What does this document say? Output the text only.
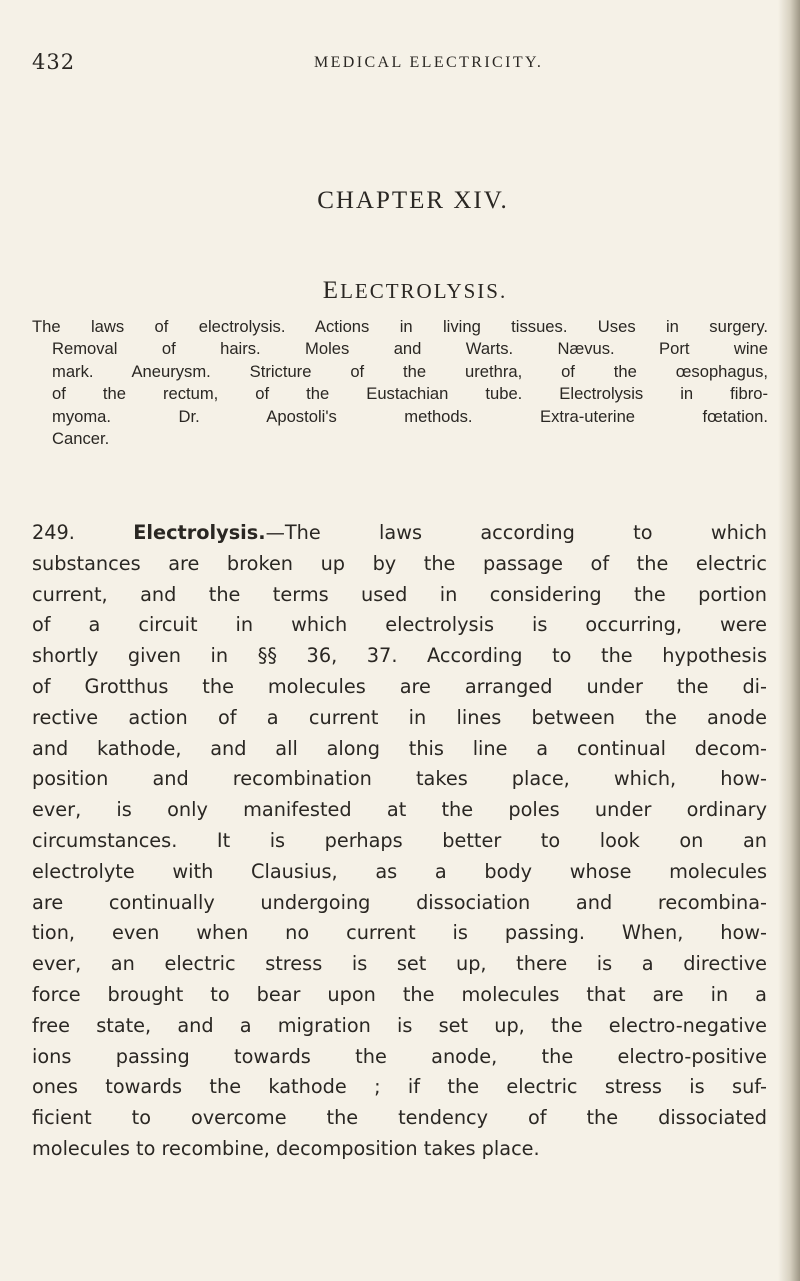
432	MEDICAL ELECTRICITY.
CHAPTER XIV.
ELECTROLYSIS.
The laws of electrolysis. Actions in living tissues. Uses in surgery.
Removal of hairs. Moles and Warts. Nævus. Port wine
mark. Aneurysm. Stricture of the urethra, of the œsophagus,
of the rectum, of the Eustachian tube. Electrolysis in fibro-
myoma. Dr. Apostoli's methods. Extra-uterine fœtation.
Cancer.
249.	Electrolysis.—The laws according to which
substances are broken up by the passage of the electric
current, and the terms used in considering the portion
of a circuit in which electrolysis is occurring, were
shortly given in §§ 36, 37. According to the hypothesis
of Grotthus the molecules are arranged under the di-
rective action of a current in lines between the anode
and kathode, and all along this line a continual decom-
position and recombination takes place, which, how-
ever, is only manifested at the poles under ordinary
circumstances. It is perhaps better to look on an
electrolyte with Clausius, as a body whose molecules
are continually undergoing dissociation and recombina-
tion, even when no current is passing. When, how-
ever, an electric stress is set up, there is a directive
force brought to bear upon the molecules that are in a
free state, and a migration is set up, the electro-negative
ions passing towards the anode, the electro-positive
ones towards the kathode ; if the electric stress is suf-
ficient to overcome the tendency of the dissociated
molecules to recombine, decomposition takes place.
